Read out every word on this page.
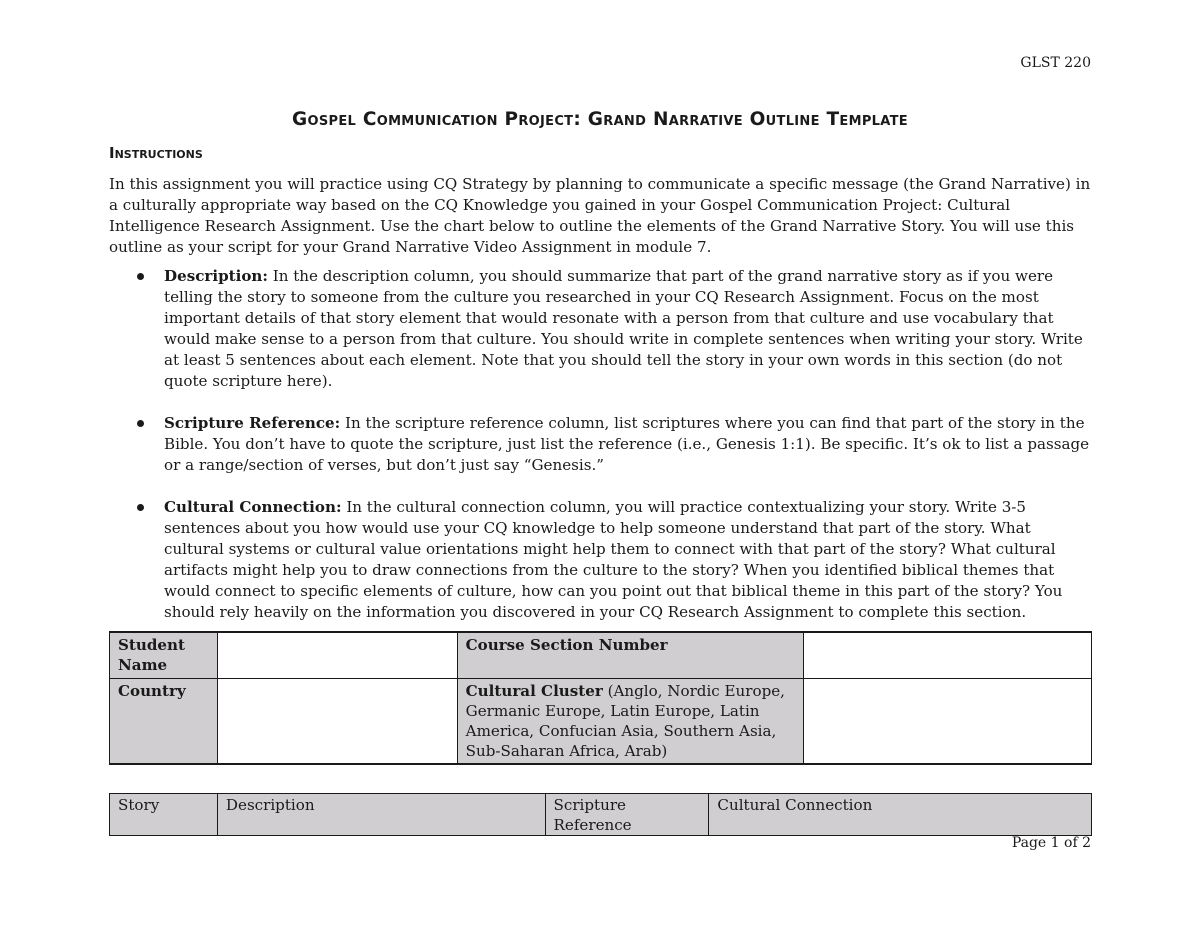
GLST 220
Gospel Communication Project: Grand Narrative Outline Template
Instructions

In this assignment you will practice using CQ Strategy by planning to communicate a specific message (the Grand Narrative) in a culturally appropriate way based on the CQ Knowledge you gained in your Gospel Communication Project: Cultural Intelligence Research Assignment. Use the chart below to outline the elements of the Grand Narrative Story. You will use this outline as your script for your Grand Narrative Video Assignment in module 7.

Description: In the description column, you should summarize that part of the grand narrative story as if you were telling the story to someone from the culture you researched in your CQ Research Assignment. Focus on the most important details of that story element that would resonate with a person from that culture and use vocabulary that would make sense to a person from that culture. You should write in complete sentences when writing your story. Write at least 5 sentences about each element. Note that you should tell the story in your own words in this section (do not quote scripture here).
Scripture Reference: In the scripture reference column, list scriptures where you can find that part of the story in the Bible. You don’t have to quote the scripture, just list the reference (i.e., Genesis 1:1). Be specific. It’s ok to list a passage or a range/section of verses, but don’t just say “Genesis.”
Cultural Connection: In the cultural connection column, you will practice contextualizing your story. Write 3-5 sentences about you how would use your CQ knowledge to help someone understand that part of the story. What cultural systems or cultural value orientations might help them to connect with that part of the story? What cultural artifacts might help you to draw connections from the culture to the story? When you identified biblical themes that would connect to specific elements of culture, how can you point out that biblical theme in this part of the story? You should rely heavily on the information you discovered in your CQ Research Assignment to complete this section.
Student Name		Course Section Number	
Country		Cultural Cluster (Anglo, Nordic Europe, Germanic Europe, Latin Europe, Latin America, Confucian Asia, Southern Asia, Sub-Saharan Africa, Arab)	
Story	Description	Scripture Reference	Cultural Connection
Page 1 of 2
